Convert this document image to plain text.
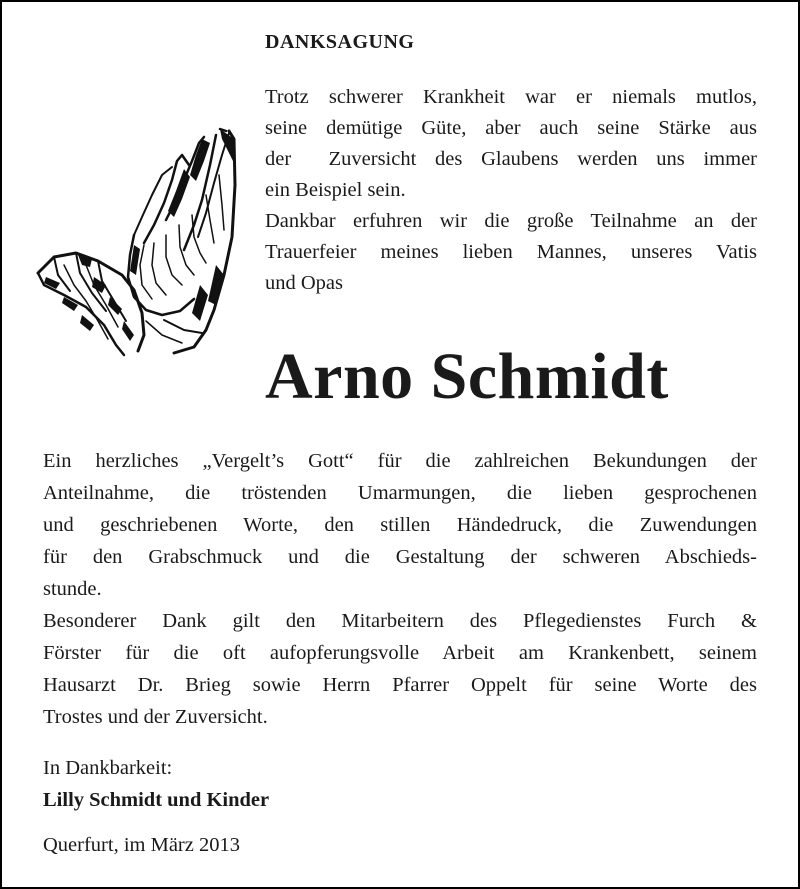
DANKSAGUNG
Trotz schwerer Krankheit war er niemals mutlos,
seine demütige Güte, aber auch seine Stärke aus
der  Zuversicht des Glaubens werden uns immer
ein Beispiel sein.
Dankbar erfuhren wir die große Teilnahme an der
Trauerfeier meines lieben Mannes, unseres Vatis
und Opas
Arno Schmidt
Ein herzliches „Vergelt’s Gott“ für die zahlreichen Bekundungen der
Anteilnahme, die tröstenden Umarmungen, die lieben gesprochenen
und geschriebenen Worte, den stillen Händedruck, die Zuwendungen
für den Grabschmuck und die Gestaltung der schweren Abschieds-
stunde.
Besonderer Dank gilt den Mitarbeitern des Pflegedienstes Furch &
Förster für die oft aufopferungsvolle Arbeit am Krankenbett, seinem
Hausarzt Dr. Brieg sowie Herrn Pfarrer Oppelt für seine Worte des
Trostes und der Zuversicht.
In Dankbarkeit:
Lilly Schmidt und Kinder
Querfurt, im März 2013
